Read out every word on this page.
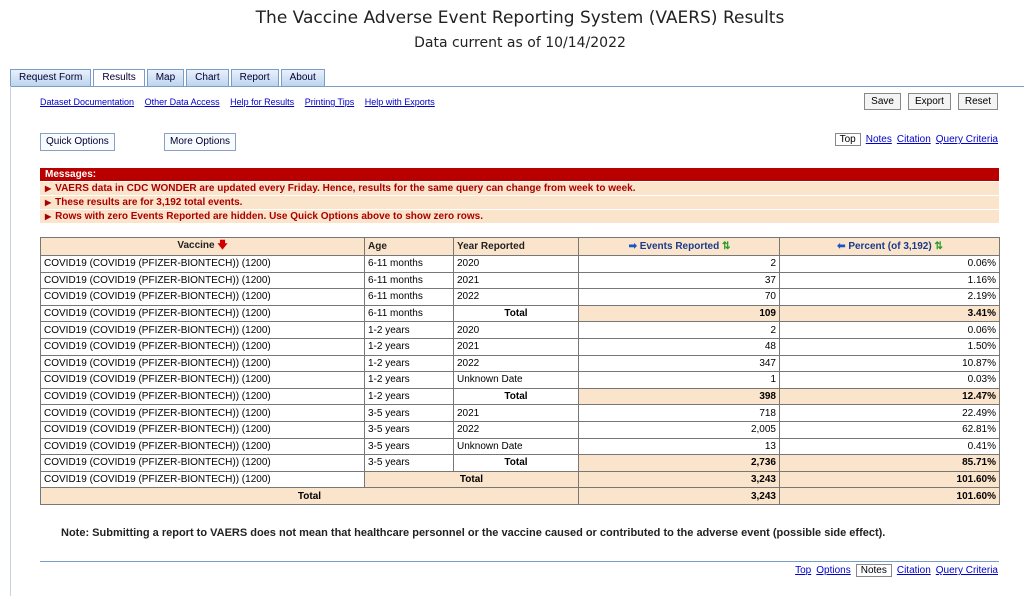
The Vaccine Adverse Event Reporting System (VAERS) Results
Data current as of 10/14/2022
Request Form	Results	Map	Chart	Report	About
Dataset Documentation Other Data Access Help for Results Printing Tips Help with Exports	Save	Export	Reset
Quick Options	More Options	Top	Notes Citation Query Criteria
Messages:
▶ VAERS data in CDC WONDER are updated every Friday. Hence, results for the same query can change from week to week.
▶ These results are for 3,192 total events.
▶ Rows with zero Events Reported are hidden. Use Quick Options above to show zero rows.
Vaccine 🡇	Age	Year Reported	➡ Events Reported ⇅	⬅ Percent (of 3,192) ⇅
COVID19 (COVID19 (PFIZER-BIONTECH)) (1200)	6-11 months	2020	2	0.06%
COVID19 (COVID19 (PFIZER-BIONTECH)) (1200)	6-11 months	2021	37	1.16%
COVID19 (COVID19 (PFIZER-BIONTECH)) (1200)	6-11 months	2022	70	2.19%
COVID19 (COVID19 (PFIZER-BIONTECH)) (1200)	6-11 months	Total	109	3.41%
COVID19 (COVID19 (PFIZER-BIONTECH)) (1200)	1-2 years	2020	2	0.06%
COVID19 (COVID19 (PFIZER-BIONTECH)) (1200)	1-2 years	2021	48	1.50%
COVID19 (COVID19 (PFIZER-BIONTECH)) (1200)	1-2 years	2022	347	10.87%
COVID19 (COVID19 (PFIZER-BIONTECH)) (1200)	1-2 years	Unknown Date	1	0.03%
COVID19 (COVID19 (PFIZER-BIONTECH)) (1200)	1-2 years	Total	398	12.47%
COVID19 (COVID19 (PFIZER-BIONTECH)) (1200)	3-5 years	2021	718	22.49%
COVID19 (COVID19 (PFIZER-BIONTECH)) (1200)	3-5 years	2022	2,005	62.81%
COVID19 (COVID19 (PFIZER-BIONTECH)) (1200)	3-5 years	Unknown Date	13	0.41%
COVID19 (COVID19 (PFIZER-BIONTECH)) (1200)	3-5 years	Total	2,736	85.71%
COVID19 (COVID19 (PFIZER-BIONTECH)) (1200)	Total		3,243	101.60%
Total			3,243	101.60%
Note: Submitting a report to VAERS does not mean that healthcare personnel or the vaccine caused or contributed to the adverse event (possible side effect).
Top Options	Notes	Citation Query Criteria
